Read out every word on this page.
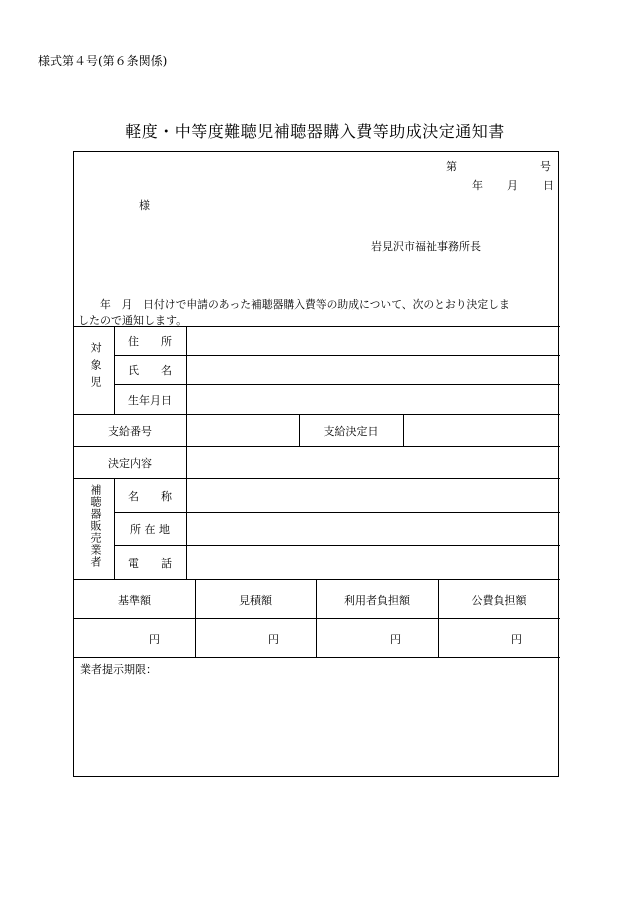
様式第４号(第６条関係)
軽度・中等度難聴児補聴器購入費等助成決定通知書
第	号
年 月 日
様
岩見沢市福祉事務所長
年　月　日付けで申請のあった補聴器購入費等の助成について、次のとおり決定しま
したので通知します。
対象児
住　　所
氏　　名
生年月日
支給番号	支給決定日
決定内容
補聴器販売業者	名　　称
所 在 地
電　　話
基準額	見積額	利用者負担額	公費負担額
円	円	円	円
業者提示期限：
